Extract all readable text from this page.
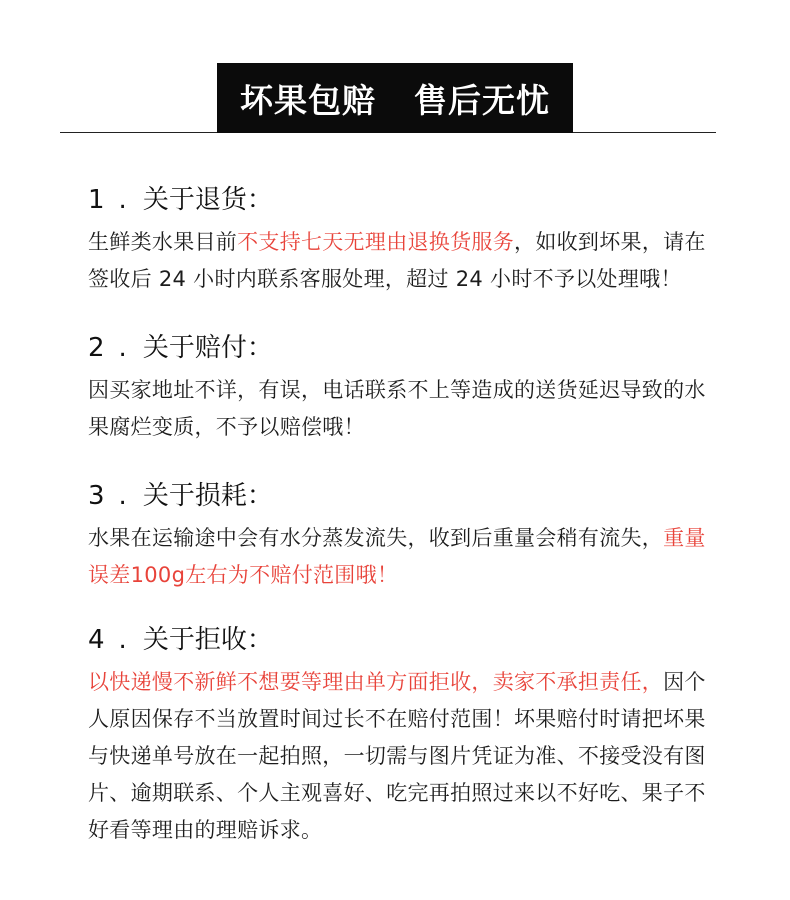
坏果包赔 售后无忧
1 . 关于退货：
生鲜类水果目前不支持七天无理由退换货服务，如收到坏果，请在签收后 24 小时内联系客服处理，超过 24 小时不予以处理哦！
2 . 关于赔付：
因买家地址不详，有误，电话联系不上等造成的送货延迟导致的水果腐烂变质，不予以赔偿哦！
3 . 关于损耗：
水果在运输途中会有水分蒸发流失，收到后重量会稍有流失，重量误差100g左右为不赔付范围哦！
4 . 关于拒收：
以快递慢不新鲜不想要等理由单方面拒收，卖家不承担责任，因个人原因保存不当放置时间过长不在赔付范围！坏果赔付时请把坏果与快递单号放在一起拍照，一切需与图片凭证为准、不接受没有图片、逾期联系、个人主观喜好、吃完再拍照过来以不好吃、果子不好看等理由的理赔诉求。
